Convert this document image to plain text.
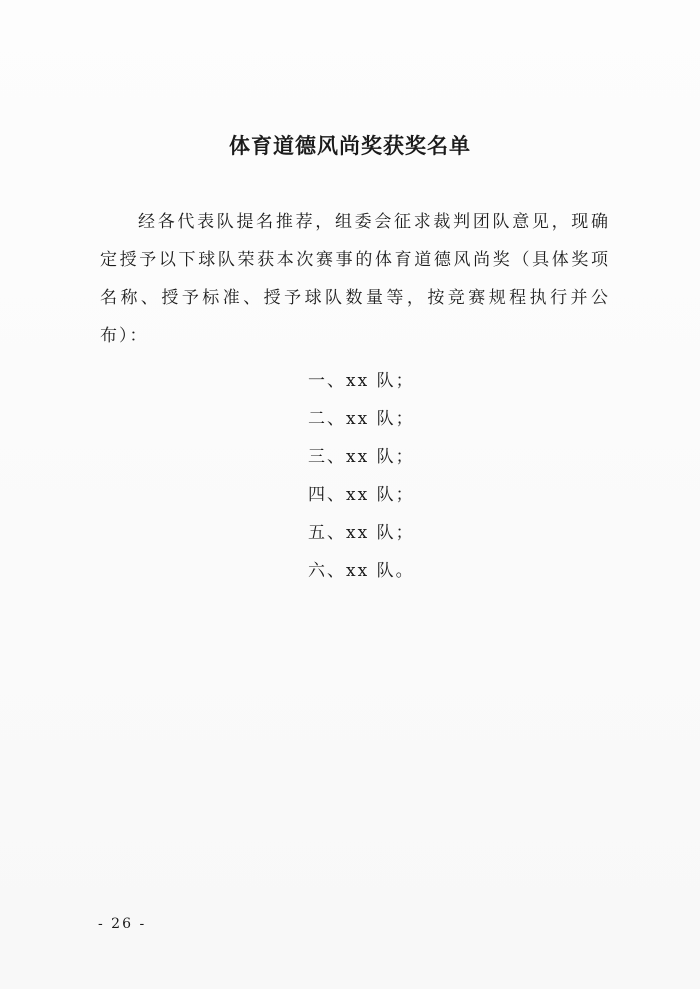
体育道德风尚奖获奖名单

经各代表队提名推荐，组委会征求裁判团队意见，现确定授予以下球队荣获本次赛事的体育道德风尚奖（具体奖项名称、授予标准、授予球队数量等，按竞赛规程执行并公布）：

一、xx 队；
二、xx 队；
三、xx 队；
四、xx 队；
五、xx 队；
六、xx 队。
- 26 -
